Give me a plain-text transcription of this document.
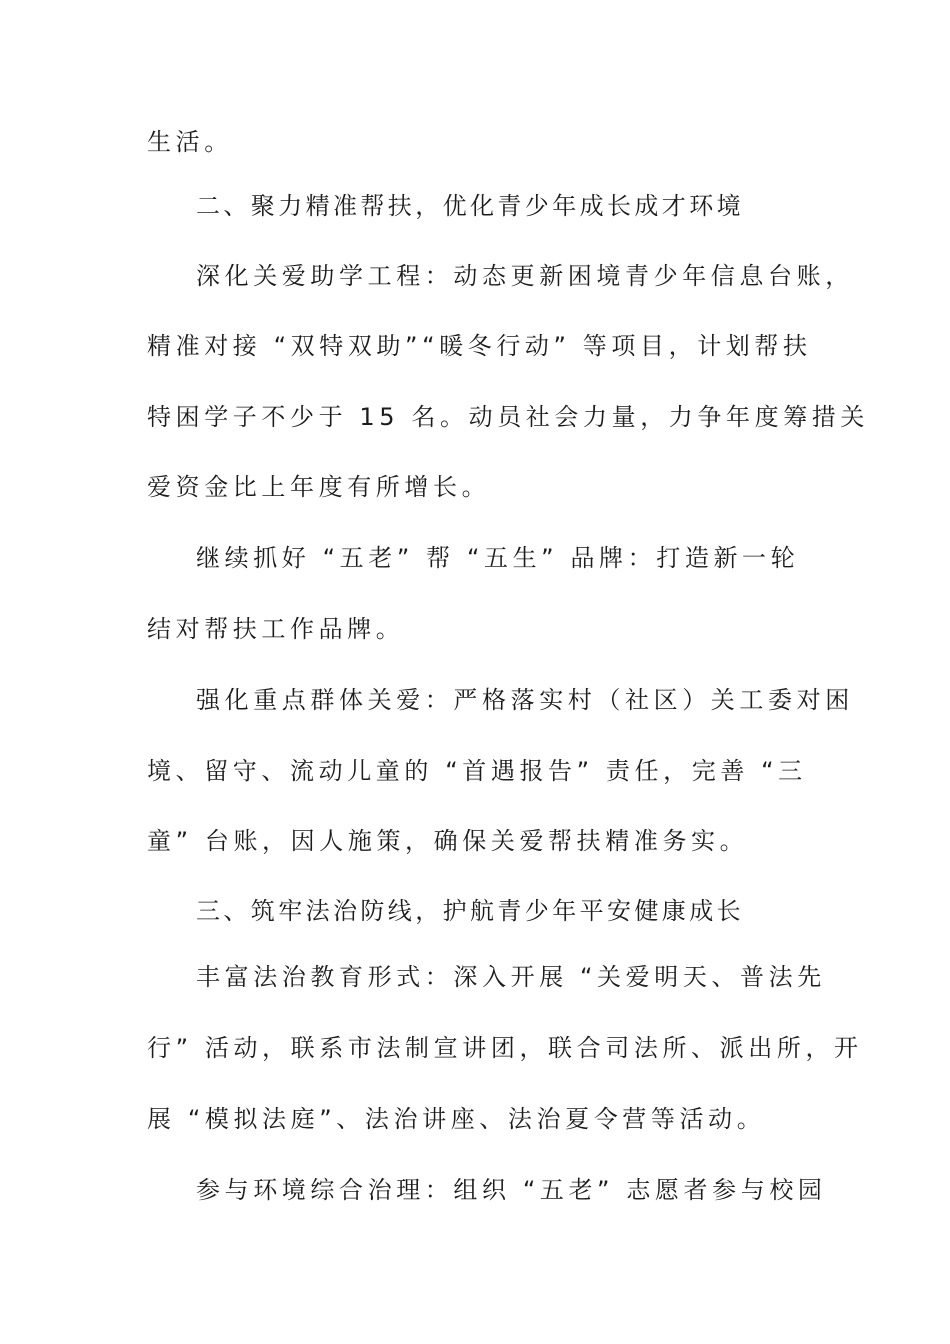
生活。
二、聚力精准帮扶，优化青少年成长成才环境
深化关爱助学工程：动态更新困境青少年信息台账，
精准对接 “双特双助”“暖冬行动” 等项目，计划帮扶
特困学子不少于 15 名。动员社会力量，力争年度筹措关
爱资金比上年度有所增长。
继续抓好 “五老” 帮 “五生” 品牌：打造新一轮
结对帮扶工作品牌。
强化重点群体关爱：严格落实村（社区）关工委对困
境、留守、流动儿童的 “首遇报告” 责任，完善 “三
童” 台账，因人施策，确保关爱帮扶精准务实。
三、筑牢法治防线，护航青少年平安健康成长
丰富法治教育形式：深入开展 “关爱明天、普法先
行” 活动，联系市法制宣讲团，联合司法所、派出所，开
展 “模拟法庭”、法治讲座、法治夏令营等活动。
参与环境综合治理：组织 “五老” 志愿者参与校园
